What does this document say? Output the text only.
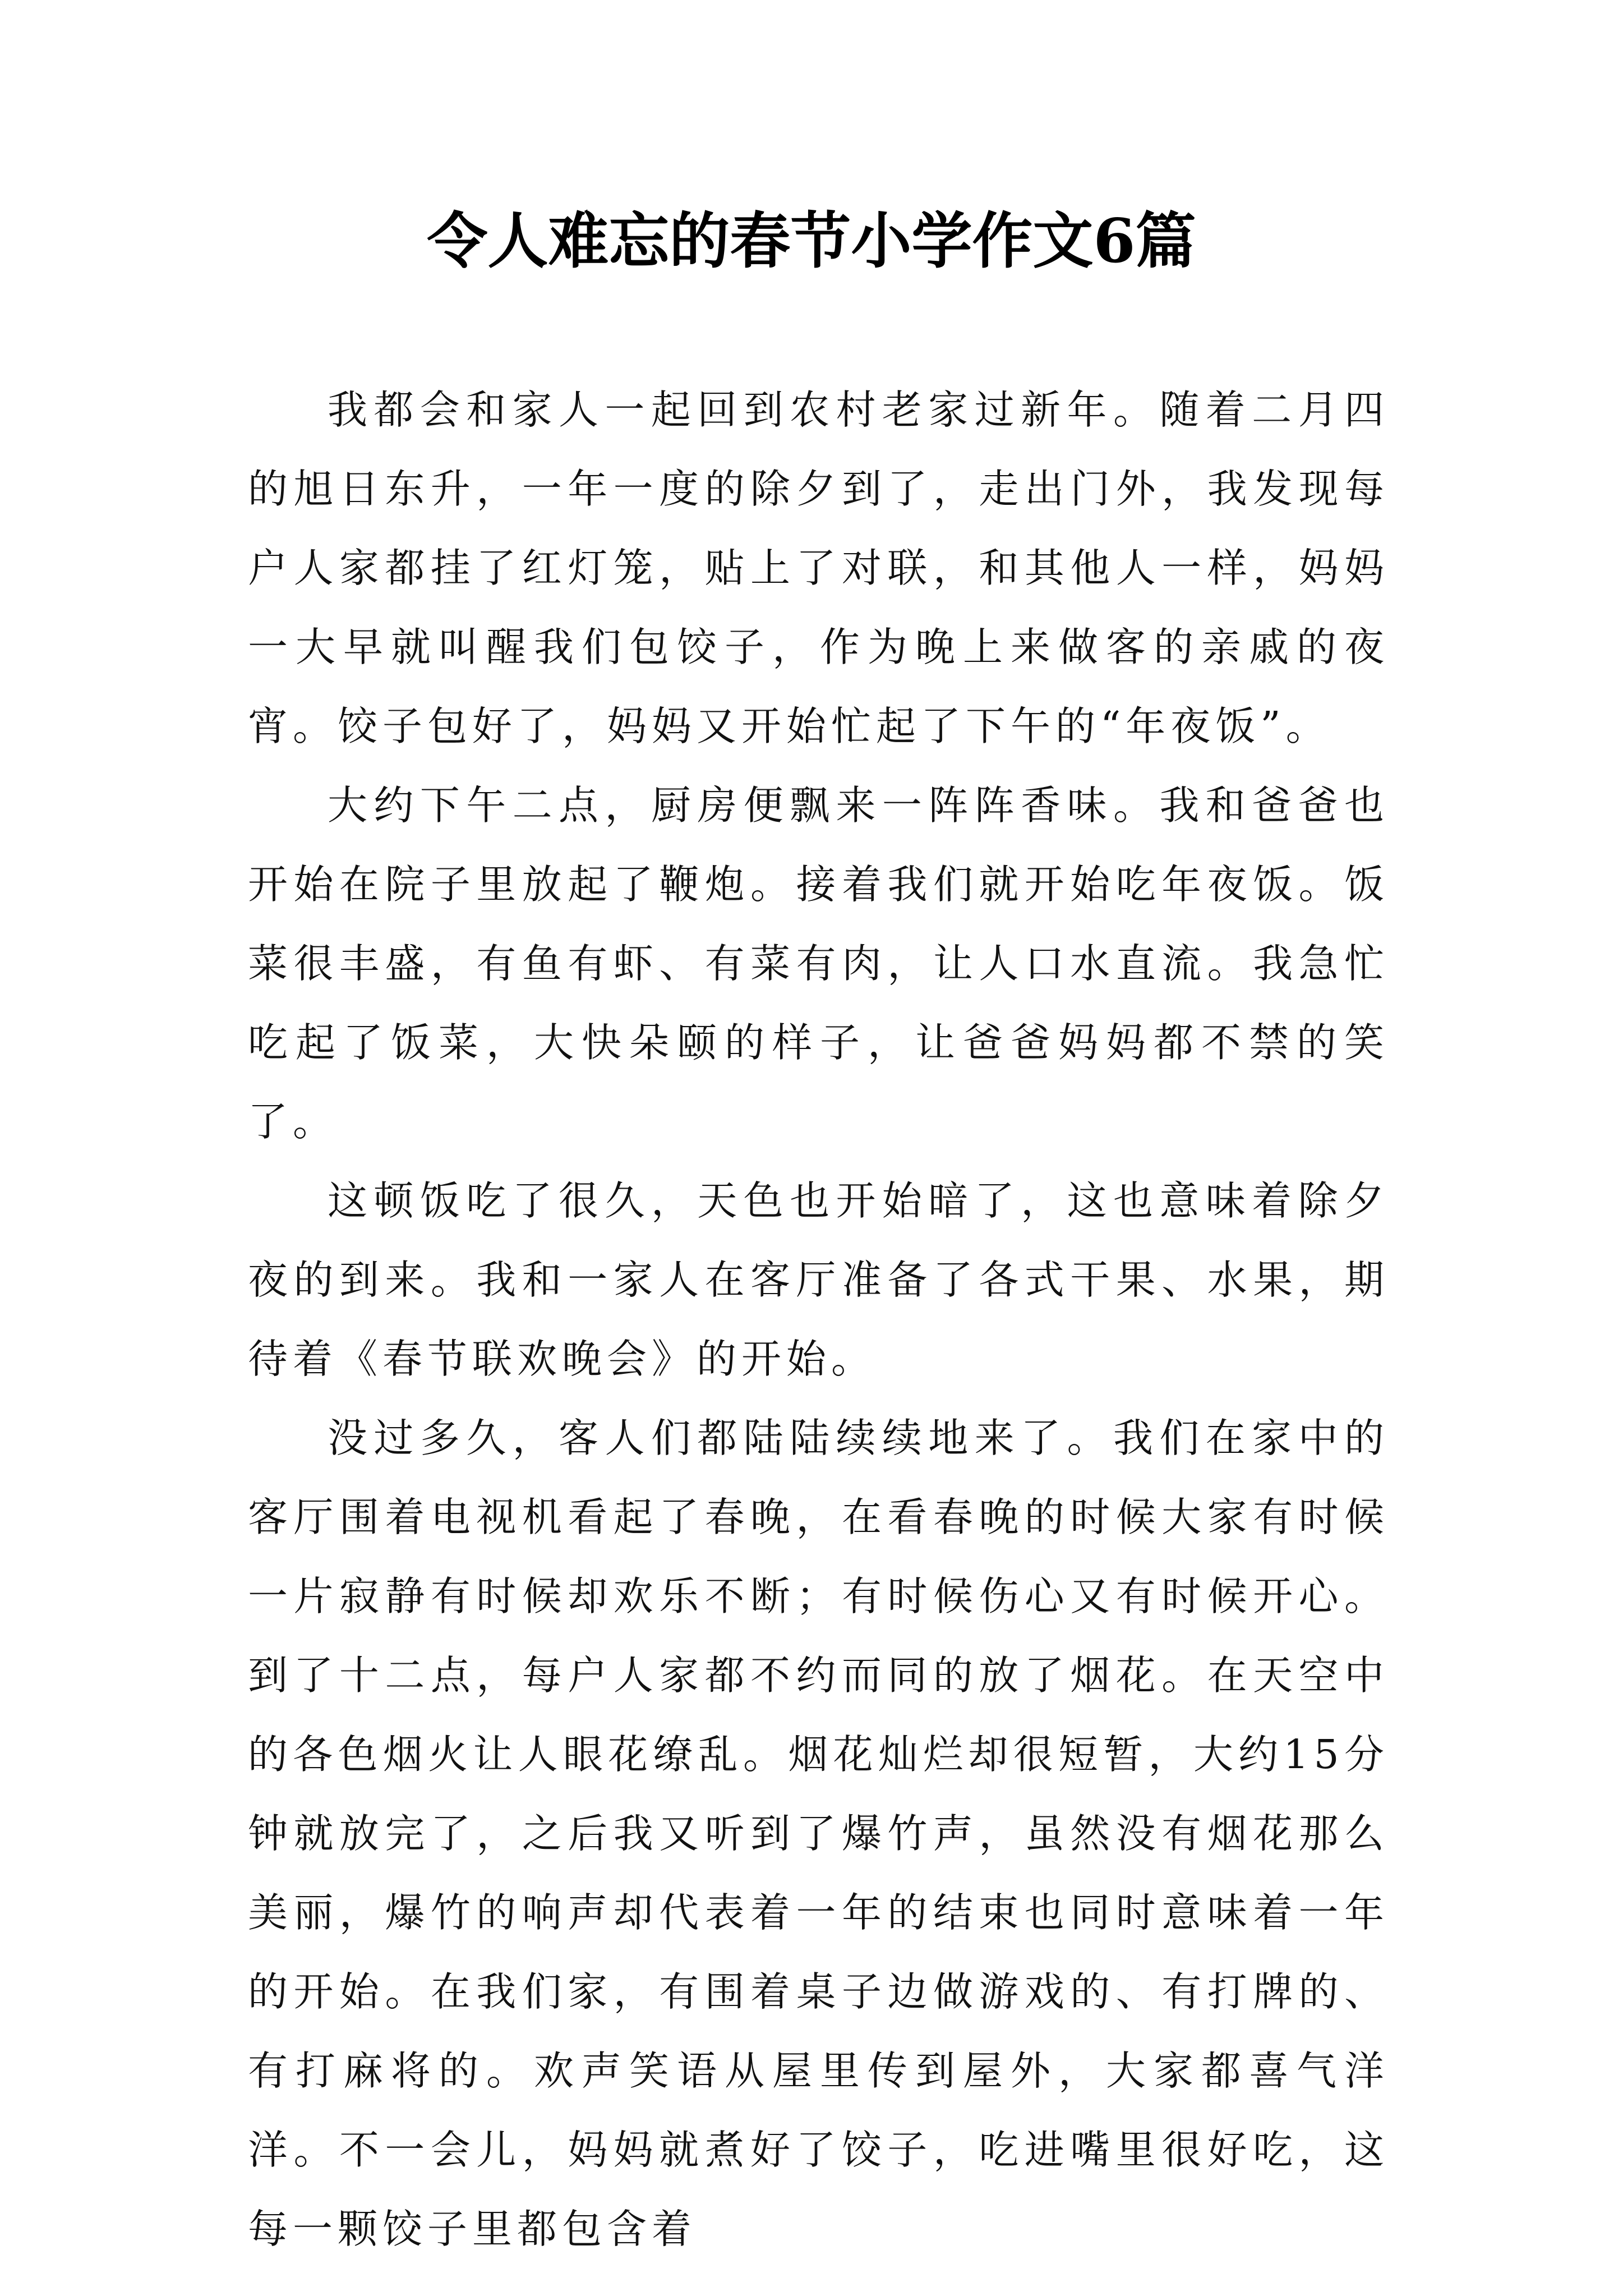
令人难忘的春节小学作文6篇

我都会和家人一起回到农村老家过新年。随着二月四的旭日东升，一年一度的除夕到了，走出门外，我发现每户人家都挂了红灯笼，贴上了对联，和其他人一样，妈妈一大早就叫醒我们包饺子，作为晚上来做客的亲戚的夜宵。饺子包好了，妈妈又开始忙起了下午的“年夜饭”。

大约下午二点，厨房便飘来一阵阵香味。我和爸爸也开始在院子里放起了鞭炮。接着我们就开始吃年夜饭。饭菜很丰盛，有鱼有虾、有菜有肉，让人口水直流。我急忙吃起了饭菜，大快朵颐的样子，让爸爸妈妈都不禁的笑了。

这顿饭吃了很久，天色也开始暗了，这也意味着除夕夜的到来。我和一家人在客厅准备了各式干果、水果，期待着《春节联欢晚会》的开始。

没过多久，客人们都陆陆续续地来了。我们在家中的客厅围着电视机看起了春晚，在看春晚的时候大家有时候一片寂静有时候却欢乐不断；有时候伤心又有时候开心。到了十二点，每户人家都不约而同的放了烟花。在天空中的各色烟火让人眼花缭乱。烟花灿烂却很短暂，大约15分钟就放完了，之后我又听到了爆竹声，虽然没有烟花那么美丽，爆竹的响声却代表着一年的结束也同时意味着一年的开始。在我们家，有围着桌子边做游戏的、有打牌的、有打麻将的。欢声笑语从屋里传到屋外，大家都喜气洋洋。不一会儿，妈妈就煮好了饺子，吃进嘴里很好吃，这每一颗饺子里都包含着
